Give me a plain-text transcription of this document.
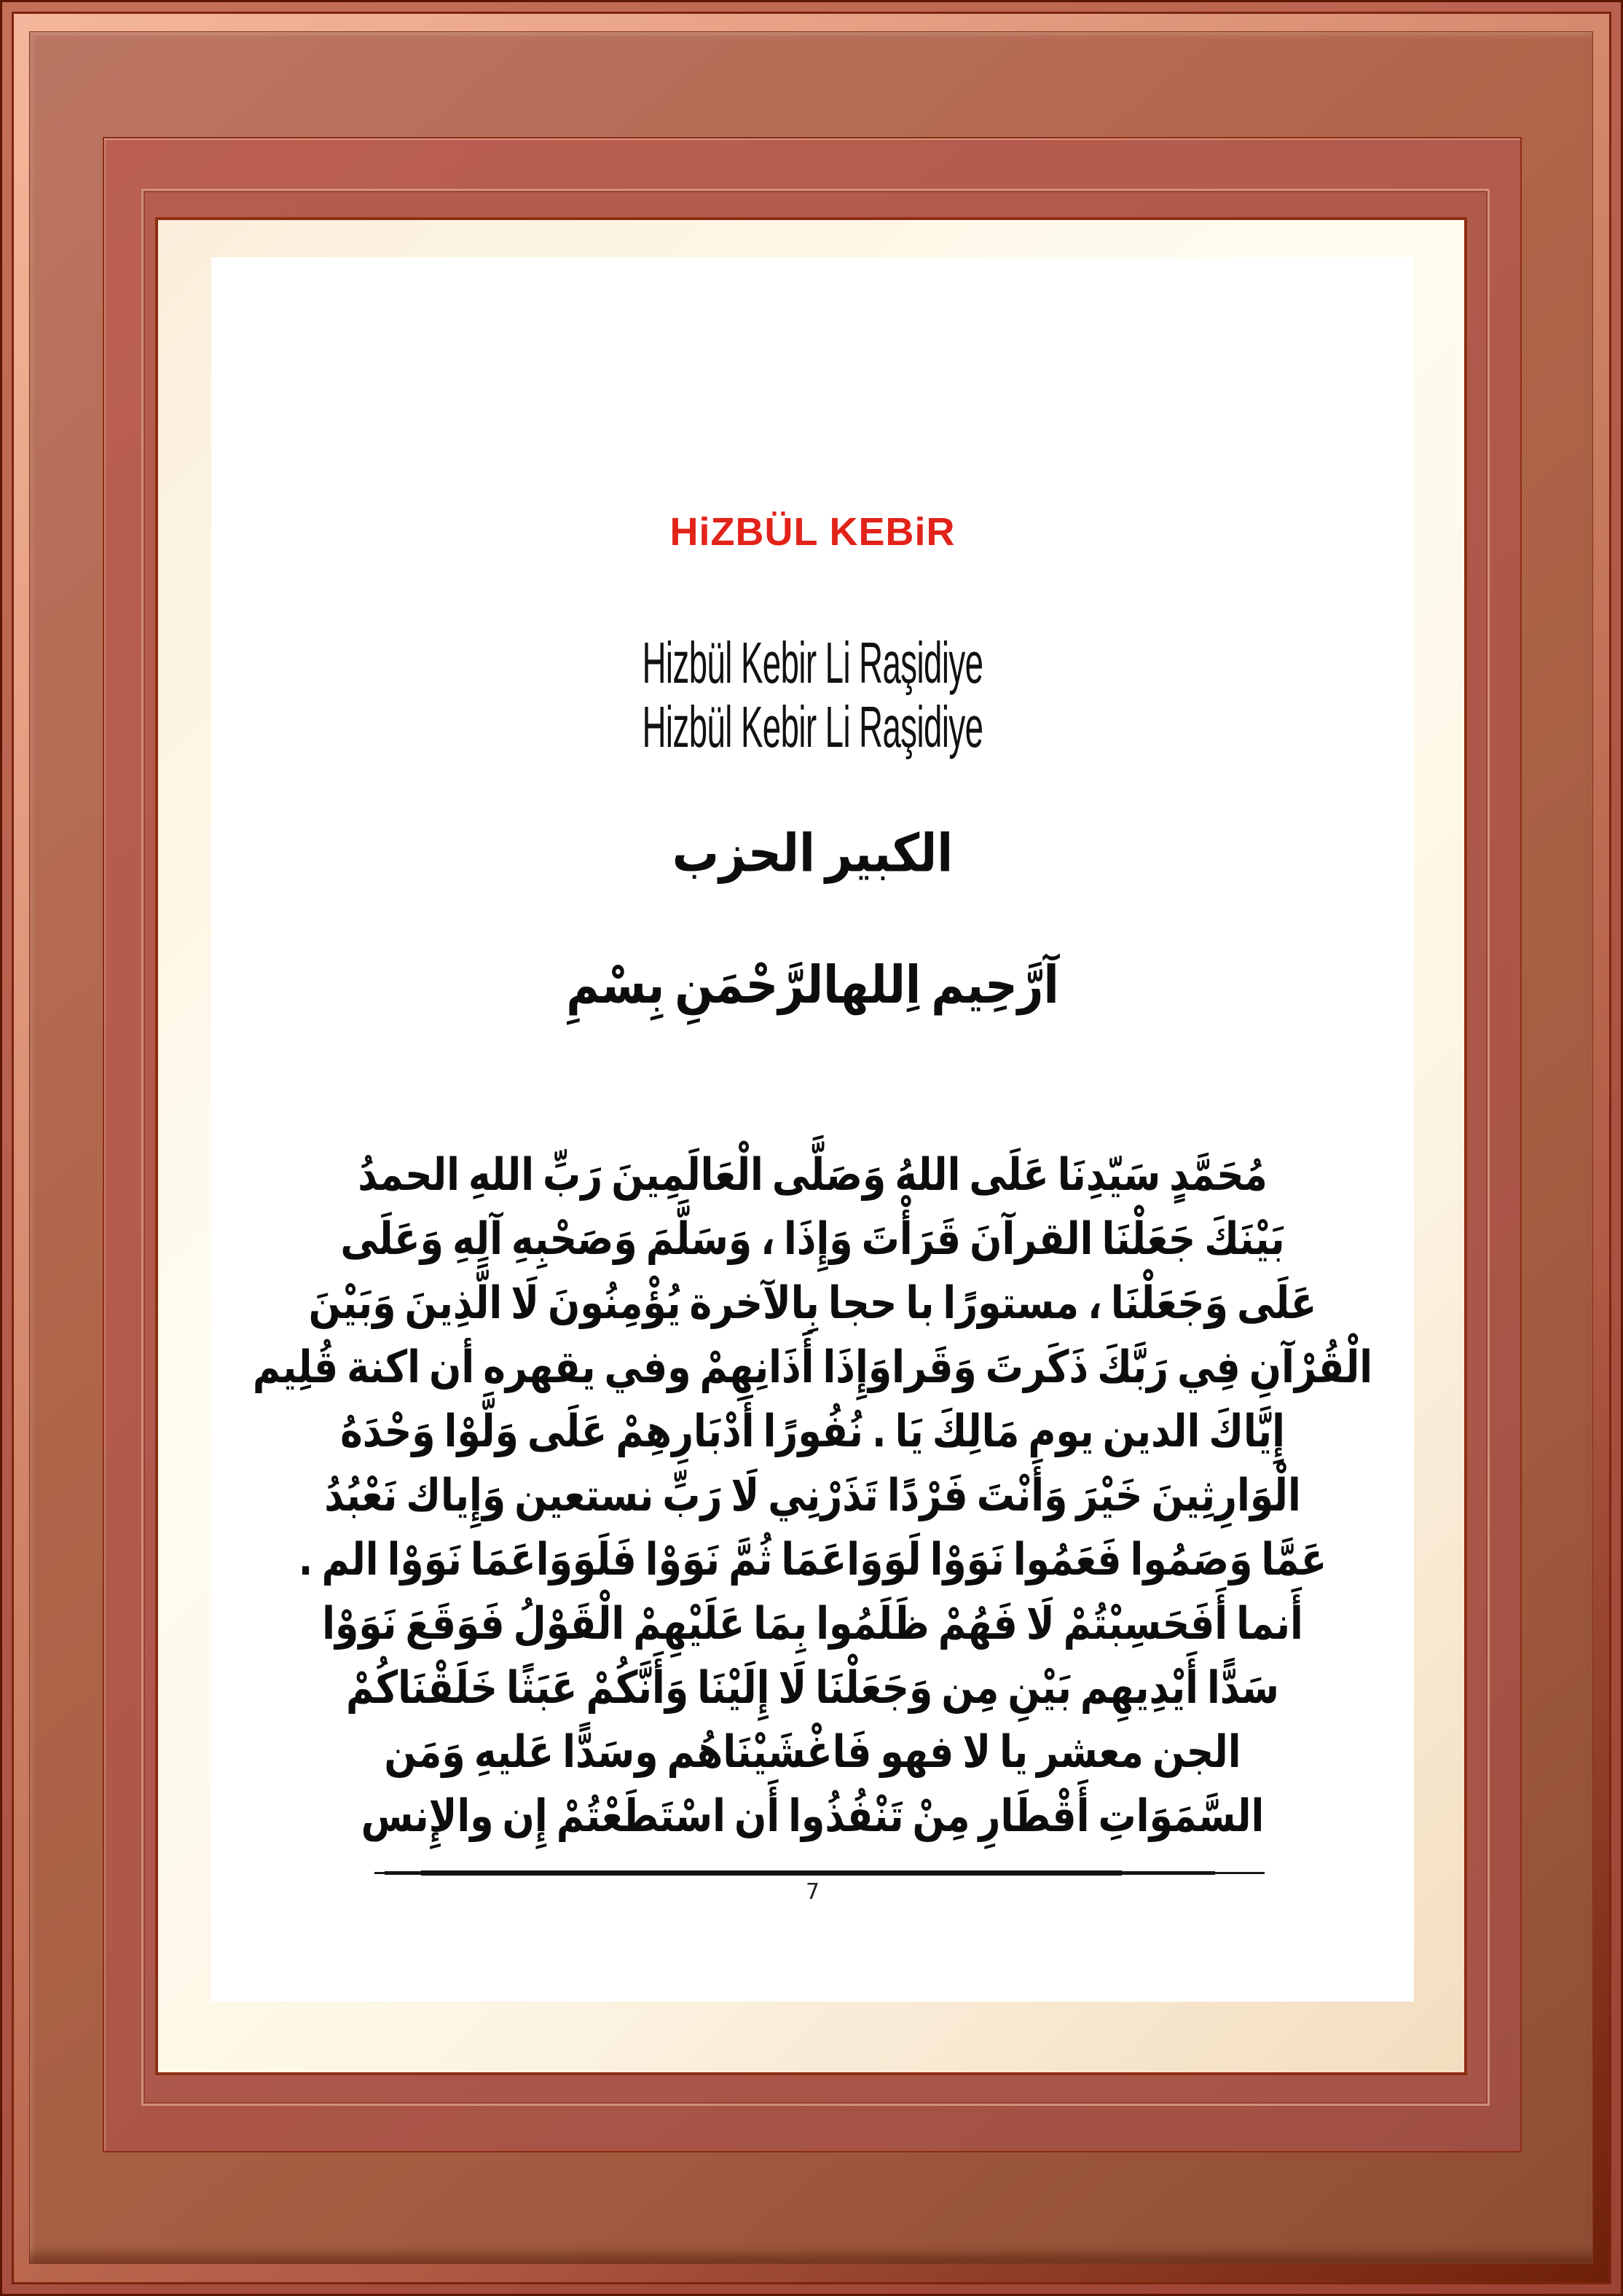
HiZBÜL KEBiR
Hizbül Kebir Li Raşidiye
Hizbül Kebir Li Raşidiye
الحزب الكبير
بِسْمِ اِللهالرَّحْمَنِ آرَّحِيم
الحمدُ اللهِ رَبِّ الْعَالَمِينَ وَصَلَّى اللهُ عَلَى سَيّدِنَا مُحَمَّدٍ
وَعَلَى آلِهِ وَصَحْبِهِ وَسَلَّمَ ، وَإِذَا قَرَأْتَ القرآنَ جَعَلْنَا بَيْنَكَ
وَبَيْنَ الَّذِينَ لَا يُؤْمِنُونَ بِالآخرة حجا با مستورًا ، وَجَعَلْنَا عَلَى
قُلِيم اكنة أن يقهره وفي أَذَانِهِمْ وَقَراوَإِذَا ذَكَرتَ رَبَّكَ فِي الْقُرْآنِ
وَحْدَهُ وَلَّوْا عَلَى أَدْبَارِهِمْ نُفُورًا . يَا مَالِكَ يوم الدين إِيَّاكَ
نَعْبُدُ وَإِياك نستعين رَبِّ لَا تَذَرْنِي فَرْدًا وَأَنْتَ خَيْرَ الْوَارِثِينَ
. الم نَوَوْا فَلَوَوَاعَمَا نَوَوْا ثُمَّ لَوَوَاعَمَا نَوَوْا فَعَمُوا وَصَمُوا عَمَّا
نَوَوْا فَوَقَعَ الْقَوْلُ عَلَيْهِمْ بِمَا ظَلَمُوا فَهُمْ لَا أَفَحَسِبْتُمْ أَنما
خَلَقْنَاكُمْ عَبَثًا وَأَنَّكُمْ إِلَيْنَا لَا وَجَعَلْنَا مِن بَيْنِ أَيْدِيهِم سَدًّا
وَمَن عَليهِ وسَدًّا فَاغْشَيْنَاهُم فهو لا يا معشر الجن
والإِنس إِن اسْتَطَعْتُمْ أَن تَنْفُذُوا مِنْ أَقْطَارِ السَّمَوَاتِ
7
